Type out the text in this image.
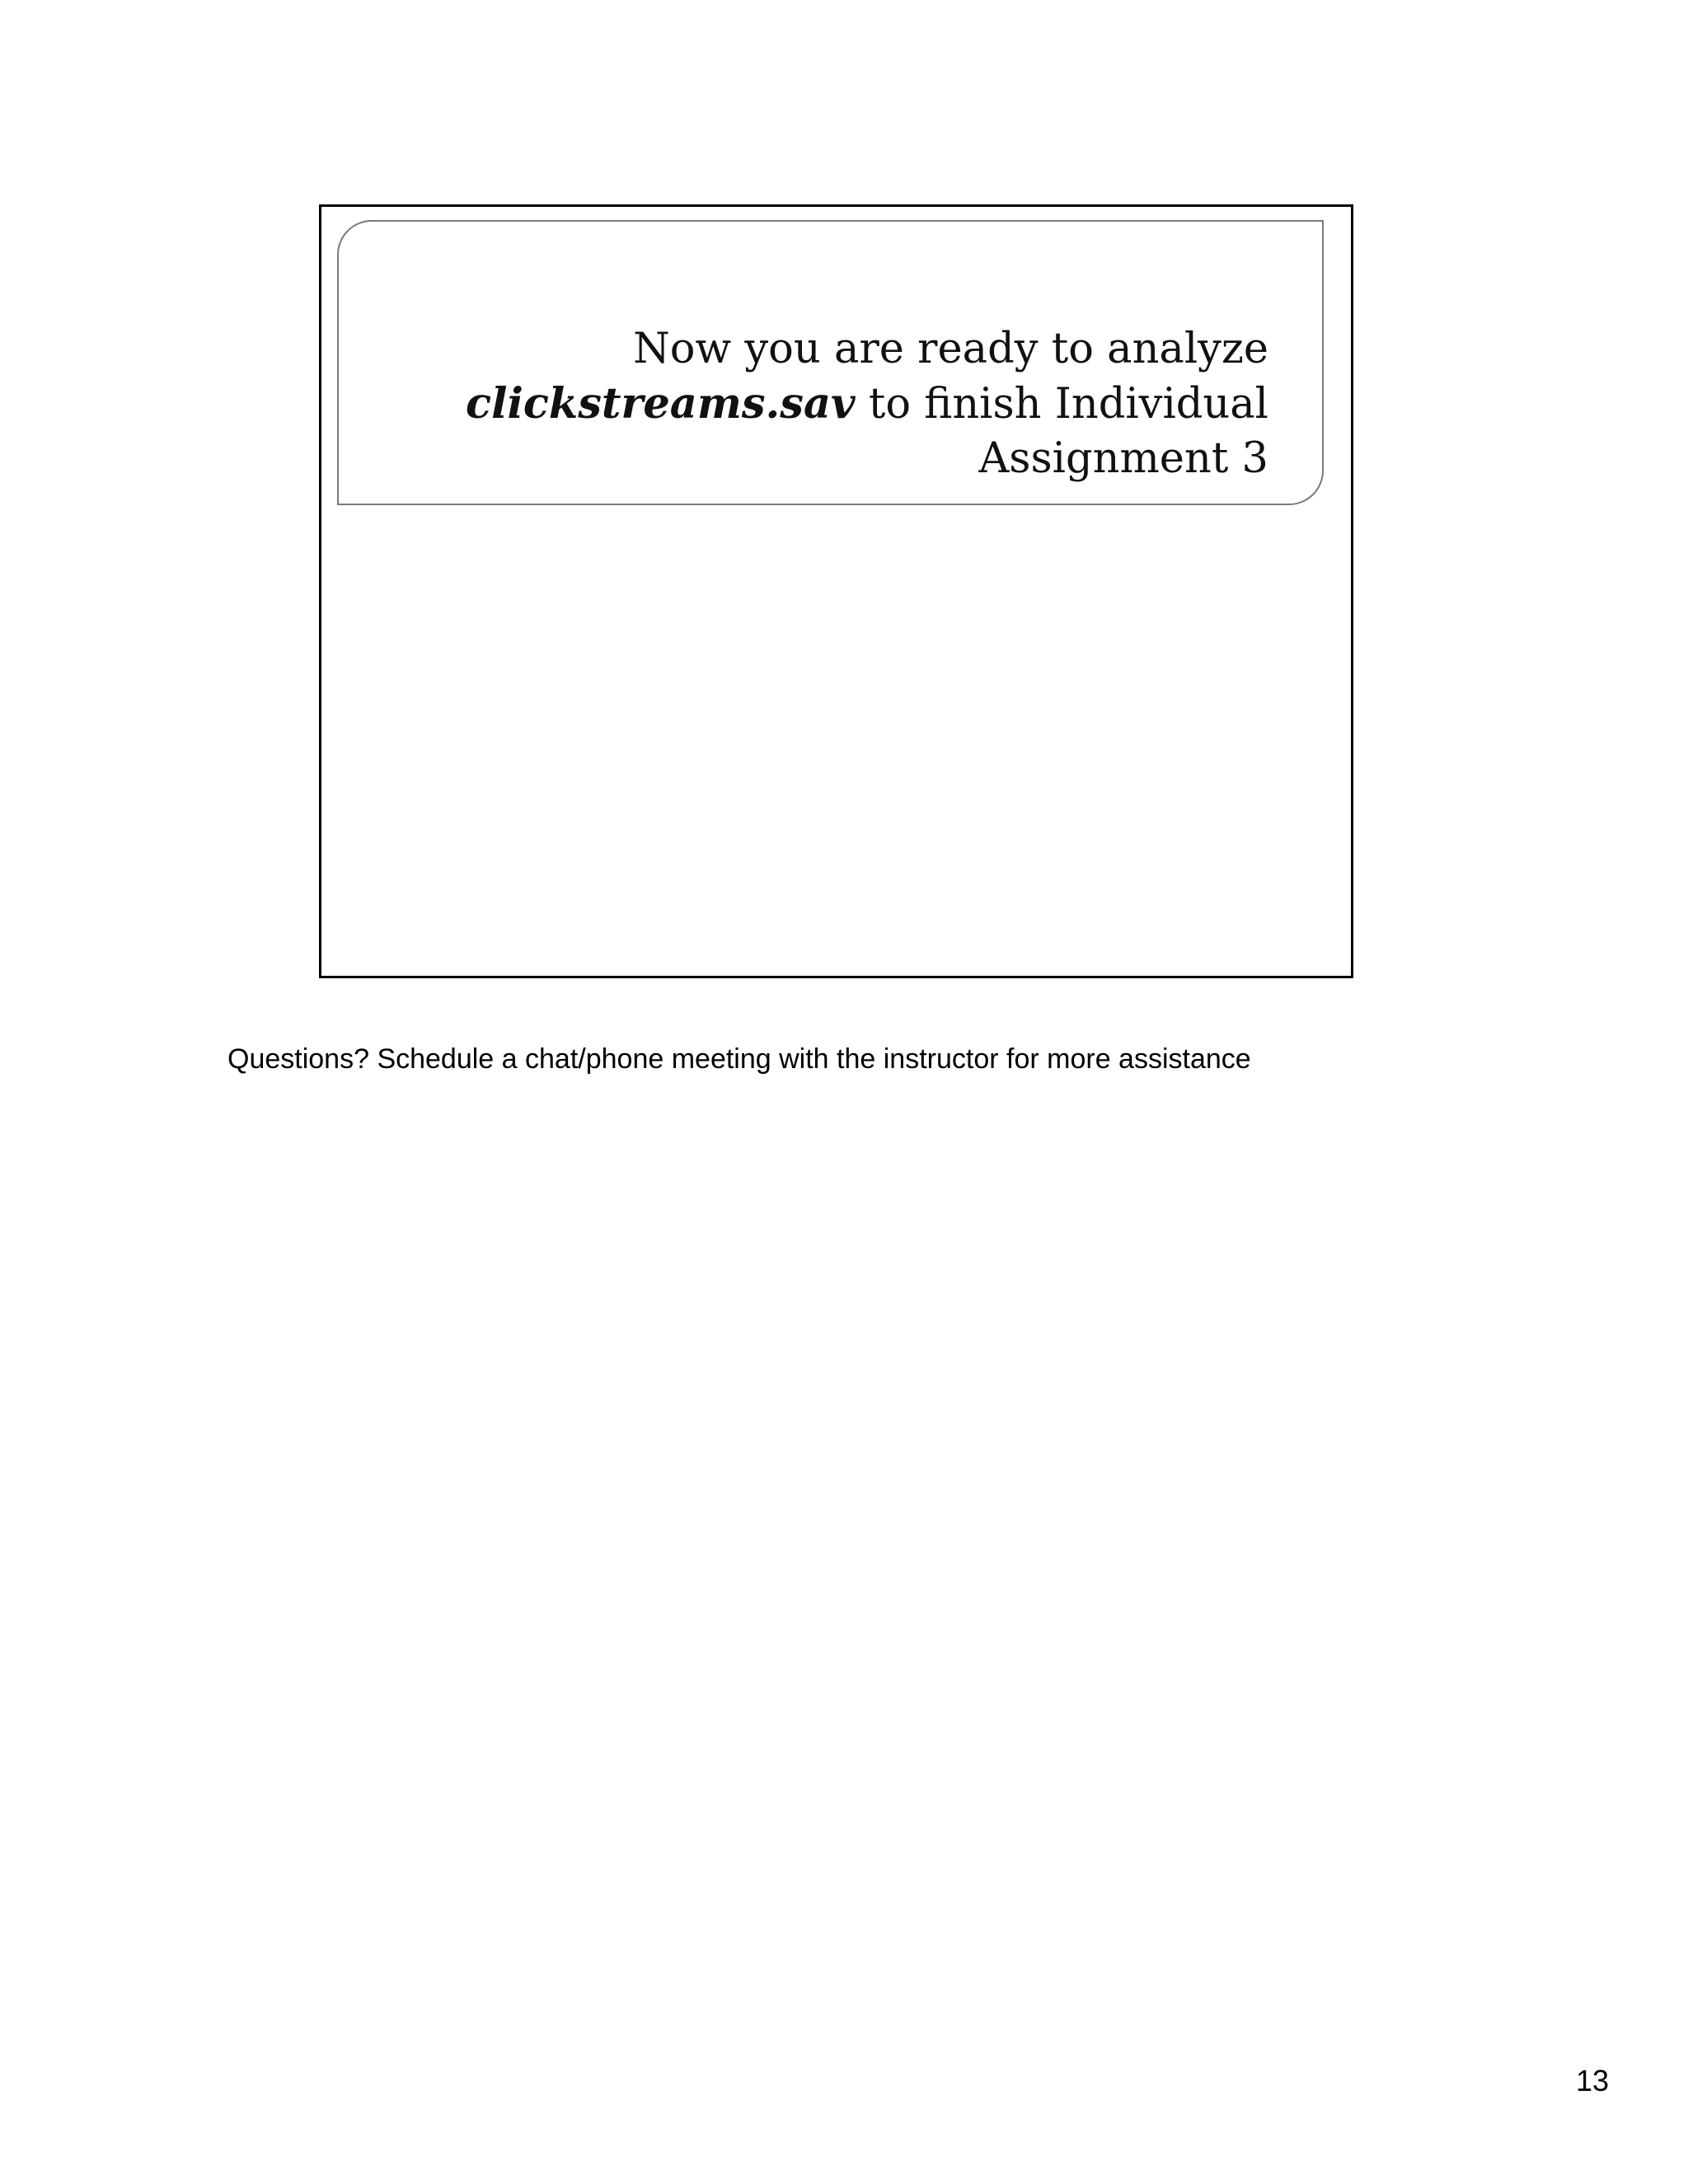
Now you are ready to analyze
clickstreams.sav to finish Individual
Assignment 3
Questions? Schedule a chat/phone meeting with the instructor for more assistance
13
